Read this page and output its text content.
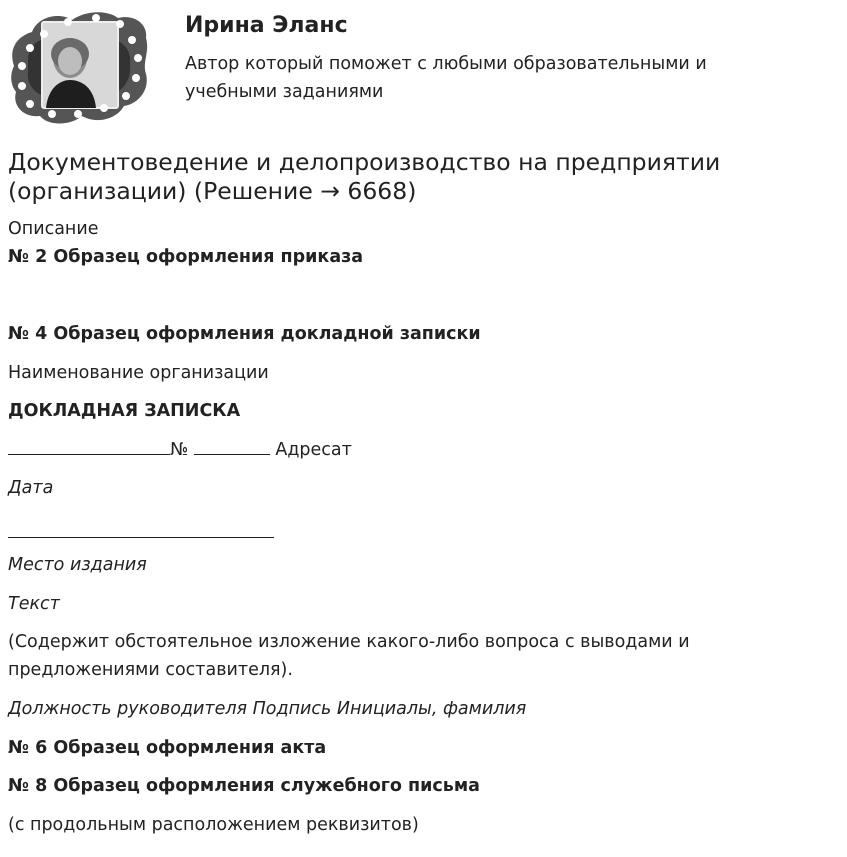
Ирина Эланс

Автор который поможет с любыми образовательными и учебными заданиями

Документоведение и делопроизводство на предприятии (организации) (Решение → 6668)

Описание

№ 2 Образец оформления приказа

№ 4 Образец оформления докладной записки

Наименование организации

ДОКЛАДНАЯ ЗАПИСКА

№	Адресат

Дата

Место издания

Текст

(Содержит обстоятельное изложение какого-либо вопроса с выводами и предложениями составителя).

Должность руководителя Подпись Инициалы, фамилия

№ 6 Образец оформления акта

№ 8 Образец оформления служебного письма

(с продольным расположением реквизитов)
